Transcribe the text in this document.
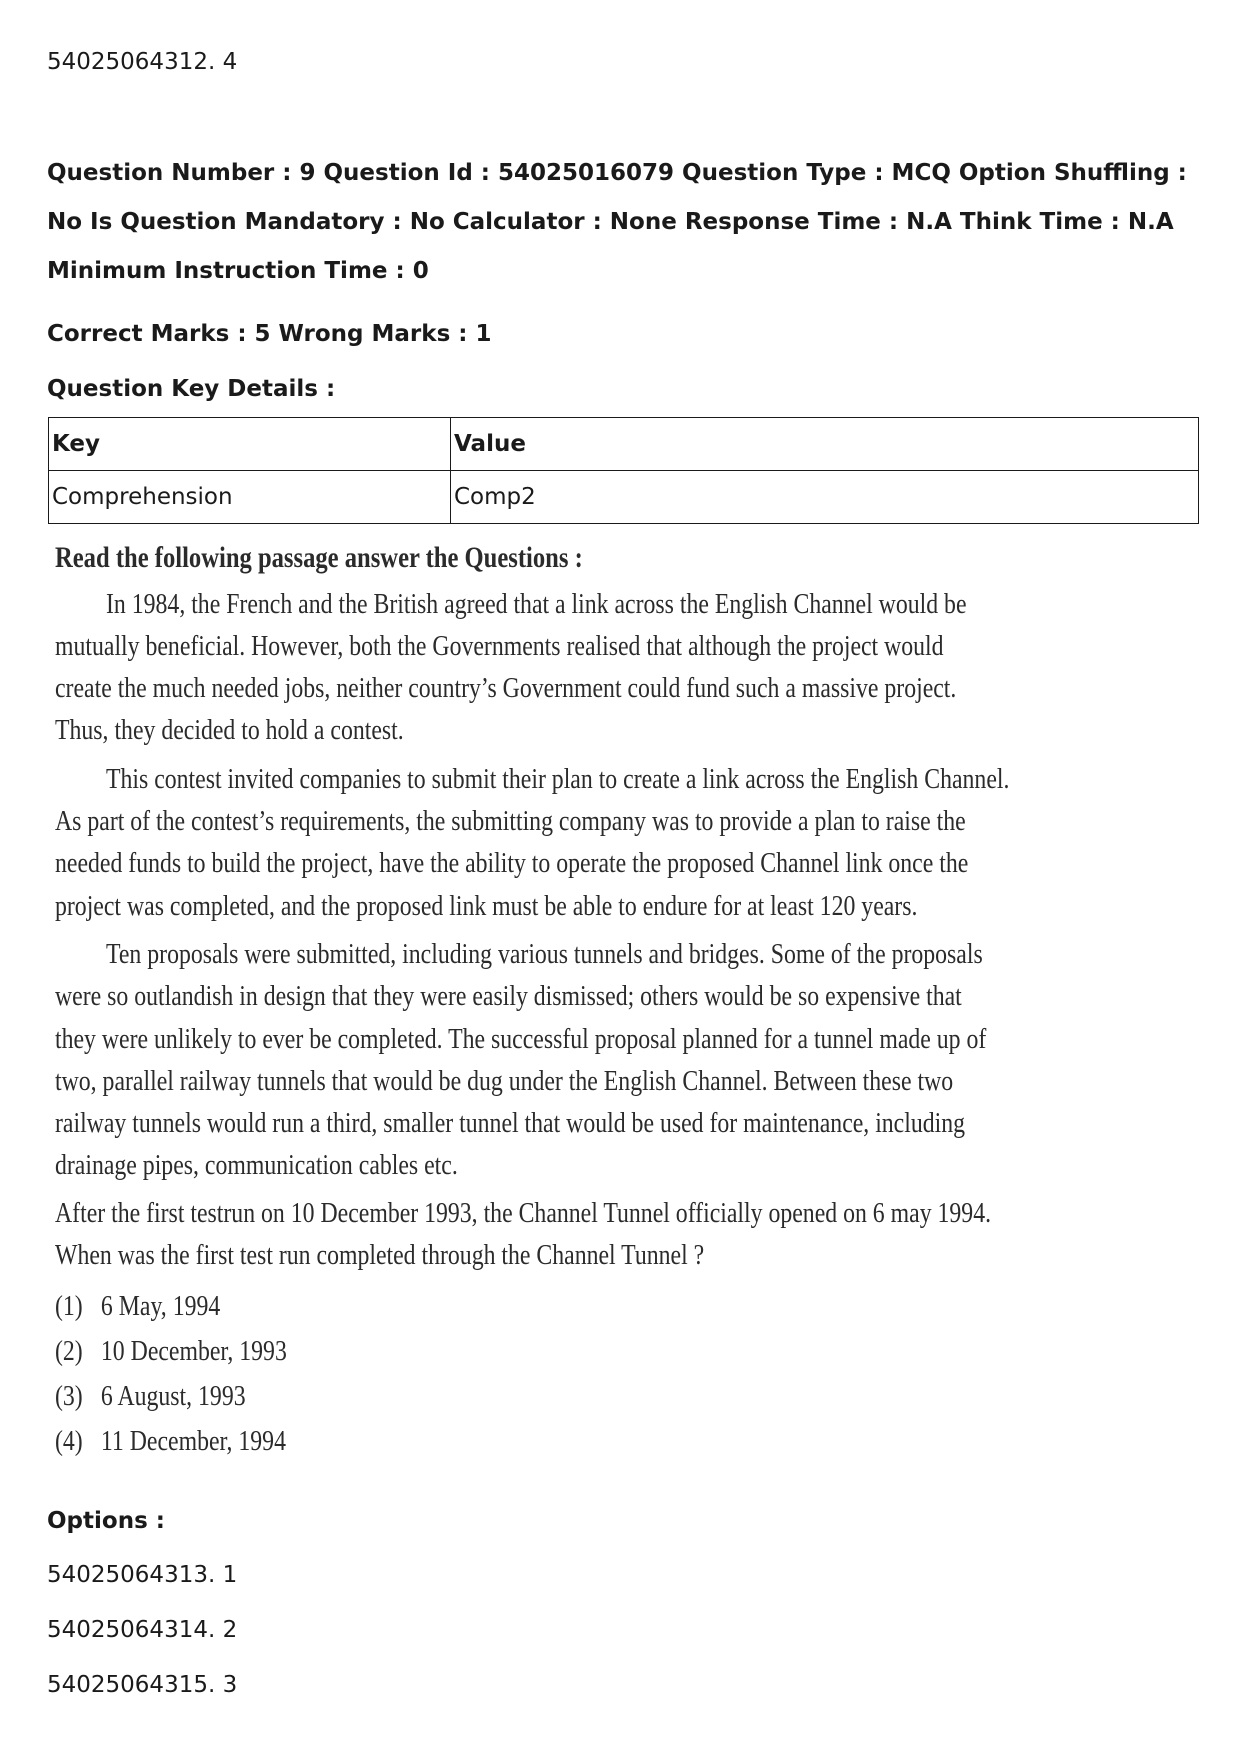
54025064312. 4
Question Number : 9 Question Id : 54025016079 Question Type : MCQ Option Shuffling : No Is Question Mandatory : No Calculator : None Response Time : N.A Think Time : N.A Minimum Instruction Time : 0
Correct Marks : 5 Wrong Marks : 1
Question Key Details :
Key	Value
Comprehension	Comp2
Read the following passage answer the Questions :
In 1984, the French and the British agreed that a link across the English Channel would be
mutually beneficial. However, both the Governments realised that although the project would
create the much needed jobs, neither country’s Government could fund such a massive project.
Thus, they decided to hold a contest.
This contest invited companies to submit their plan to create a link across the English Channel.
As part of the contest’s requirements, the submitting company was to provide a plan to raise the
needed funds to build the project, have the ability to operate the proposed Channel link once the
project was completed, and the proposed link must be able to endure for at least 120 years.
Ten proposals were submitted, including various tunnels and bridges. Some of the proposals
were so outlandish in design that they were easily dismissed; others would be so expensive that
they were unlikely to ever be completed. The successful proposal planned for a tunnel made up of
two, parallel railway tunnels that would be dug under the English Channel. Between these two
railway tunnels would run a third, smaller tunnel that would be used for maintenance, including
drainage pipes, communication cables etc.
After the first testrun on 10 December 1993, the Channel Tunnel officially opened on 6 may 1994.
When was the first test run completed through the Channel Tunnel ?
(1) 6 May, 1994
(2) 10 December, 1993
(3) 6 August, 1993
(4) 11 December, 1994
Options :
54025064313. 1
54025064314. 2
54025064315. 3
